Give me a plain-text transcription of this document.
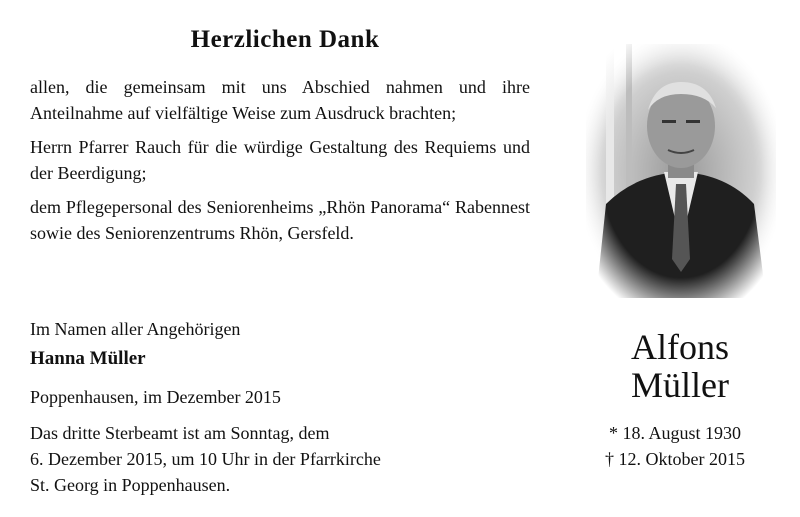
Herzlichen Dank

allen, die gemeinsam mit uns Abschied nahmen und ihre Anteilnahme auf vielfältige Weise zum Ausdruck brachten;

Herrn Pfarrer Rauch für die würdige Gestaltung des Requiems und der Beerdigung;

dem Pflegepersonal des Seniorenheims „Rhön Panorama“ Rabennest sowie des Seniorenzentrums Rhön, Gersfeld.

Im Namen aller Angehörigen
Hanna Müller
Poppenhausen, im Dezember 2015
Das dritte Sterbeamt ist am Sonntag, dem
6. Dezember 2015, um 10 Uhr in der Pfarrkirche
St. Georg in Poppenhausen.
Alfons
Müller
* 18. August 1930
† 12. Oktober 2015
